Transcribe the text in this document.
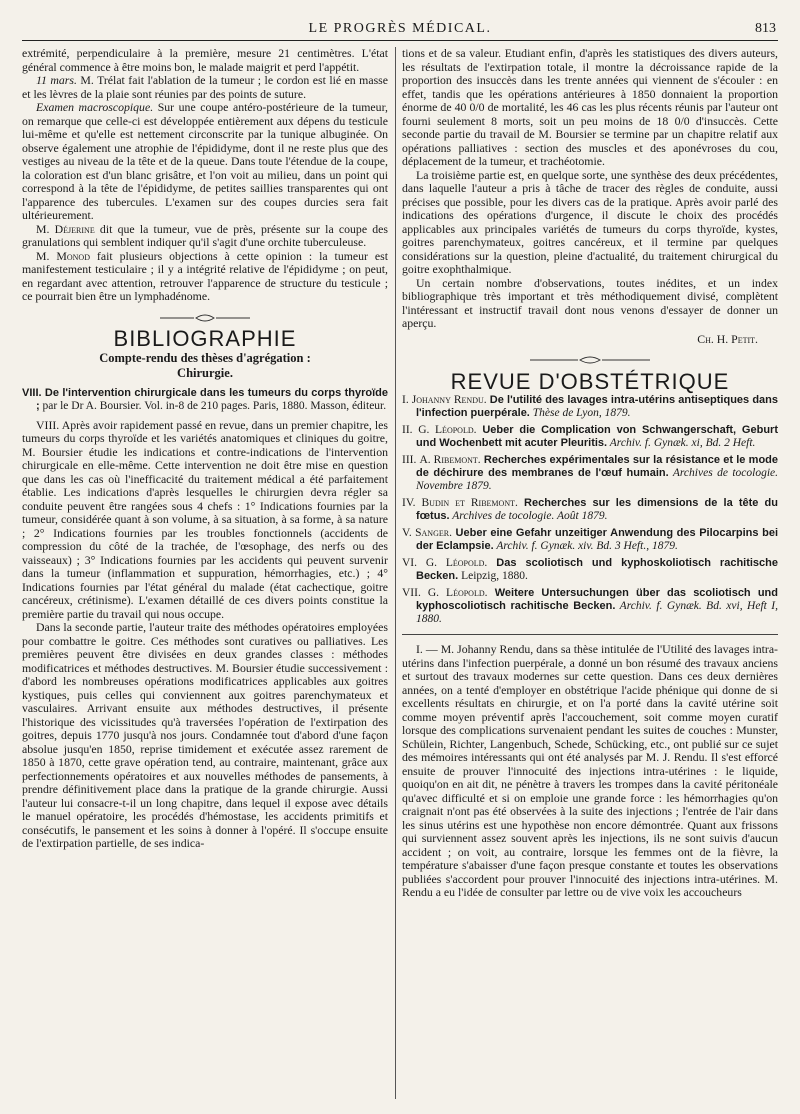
LE PROGRÈS MÉDICAL.	813

extrémité, perpendiculaire à la première, mesure 21 centimètres. L'état général commence à être moins bon, le malade maigrit et perd l'appétit.

11 mars. M. Trélat fait l'ablation de la tumeur ; le cordon est lié en masse et les lèvres de la plaie sont réunies par des points de suture.

Examen macroscopique. Sur une coupe antéro-postérieure de la tumeur, on remarque que celle-ci est développée entièrement aux dépens du testicule lui-même et qu'elle est nettement circonscrite par la tunique albuginée. On observe également une atrophie de l'épididyme, dont il ne reste plus que des vestiges au niveau de la tête et de la queue. Dans toute l'étendue de la coupe, la coloration est d'un blanc grisâtre, et l'on voit au milieu, dans un point qui correspond à la tête de l'épididyme, de petites saillies transparentes qui ont l'apparence des tubercules. L'examen sur des coupes durcies sera fait ultérieurement.

M. Déjerine dit que la tumeur, vue de près, présente sur la coupe des granulations qui semblent indiquer qu'il s'agit d'une orchite tuberculeuse.

M. Monod fait plusieurs objections à cette opinion : la tumeur est manifestement testiculaire ; il y a intégrité relative de l'épididyme ; on peut, en regardant avec attention, retrouver l'apparence de structure du testicule ; ce pourrait bien être un lymphadénome.

BIBLIOGRAPHIE
Compte-rendu des thèses d'agrégation :
Chirurgie.
VIII. De l'intervention chirurgicale dans les tumeurs du corps thyroïde ; par le Dr A. Boursier. Vol. in-8 de 210 pages. Paris, 1880. Masson, éditeur.

VIII. Après avoir rapidement passé en revue, dans un premier chapitre, les tumeurs du corps thyroïde et les variétés anatomiques et cliniques du goitre, M. Boursier étudie les indications et contre-indications de l'intervention chirurgicale en elle-même. Cette intervention ne doit être mise en question que dans les cas où l'inefficacité du traitement médical a été parfaitement établie. Les indications d'après lesquelles le chirurgien devra régler sa conduite peuvent être rangées sous 4 chefs : 1° Indications fournies par la tumeur, considérée quant à son volume, à sa situation, à sa forme, à sa nature ; 2° Indications fournies par les troubles fonctionnels (accidents de compression du côté de la trachée, de l'œsophage, des nerfs ou des vaisseaux) ; 3° Indications fournies par les accidents qui peuvent survenir dans la tumeur (inflammation et suppuration, hémorrhagies, etc.) ; 4° Indications fournies par l'état général du malade (état cachectique, goitre cancéreux, crétinisme). L'examen détaillé de ces divers points constitue la première partie du travail qui nous occupe.

Dans la seconde partie, l'auteur traite des méthodes opératoires employées pour combattre le goitre. Ces méthodes sont curatives ou palliatives. Les premières peuvent être divisées en deux grandes classes : méthodes modificatrices et méthodes destructives. M. Boursier étudie successivement : d'abord les nombreuses opérations modificatrices applicables aux goitres kystiques, puis celles qui conviennent aux goitres parenchymateux et vasculaires. Arrivant ensuite aux méthodes destructives, il présente l'historique des vicissitudes qu'à traversées l'opération de l'extirpation des goitres, depuis 1770 jusqu'à nos jours. Condamnée tout d'abord d'une façon absolue jusqu'en 1850, reprise timidement et exécutée assez rarement de 1850 à 1870, cette grave opération tend, au contraire, maintenant, grâce aux perfectionnements opératoires et aux nouvelles méthodes de pansements, à prendre définitivement place dans la pratique de la grande chirurgie. Aussi l'auteur lui consacre-t-il un long chapitre, dans lequel il expose avec détails le manuel opératoire, les procédés d'hémostase, les accidents primitifs et consécutifs, le pansement et les soins à donner à l'opéré. Il s'occupe ensuite de l'extirpation partielle, de ses indica-

tions et de sa valeur. Etudiant enfin, d'après les statistiques des divers auteurs, les résultats de l'extirpation totale, il montre la décroissance rapide de la proportion des insuccès dans les trente années qui viennent de s'écouler : en effet, tandis que les opérations antérieures à 1850 donnaient la proportion énorme de 40 0/0 de mortalité, les 46 cas les plus récents réunis par l'auteur ont fourni seulement 8 morts, soit un peu moins de 18 0/0 d'insuccès. Cette seconde partie du travail de M. Boursier se termine par un chapitre relatif aux opérations palliatives : section des muscles et des aponévroses du cou, déplacement de la tumeur, et trachéotomie.

La troisième partie est, en quelque sorte, une synthèse des deux précédentes, dans laquelle l'auteur a pris à tâche de tracer des règles de conduite, aussi précises que possible, pour les divers cas de la pratique. Après avoir parlé des indications des opérations d'urgence, il discute le choix des procédés applicables aux principales variétés de tumeurs du corps thyroïde, kystes, goitres parenchymateux, goitres cancéreux, et il termine par quelques considérations sur la question, pleine d'actualité, du traitement chirurgical du goitre exophthalmique.

Un certain nombre d'observations, toutes inédites, et un index bibliographique très important et très méthodiquement divisé, complètent l'intéressant et instructif travail dont nous venons d'essayer de donner un aperçu.

Ch. H. Petit.
REVUE D'OBSTÉTRIQUE
I. Johanny Rendu. De l'utilité des lavages intra-utérins antiseptiques dans l'infection puerpérale. Thèse de Lyon, 1879.
II. G. Léopold. Ueber die Complication von Schwangerschaft, Geburt und Wochenbett mit acuter Pleuritis. Archiv. f. Gynæk. xi, Bd. 2 Heft.
III. A. Ribemont. Recherches expérimentales sur la résistance et le mode de déchirure des membranes de l'œuf humain. Archives de tocologie. Novembre 1879.
IV. Budin et Ribemont. Recherches sur les dimensions de la tête du fœtus. Archives de tocologie. Août 1879.
V. Sanger. Ueber eine Gefahr unzeitiger Anwendung des Pilocarpins bei der Eclampsie. Archiv. f. Gynæk. xiv. Bd. 3 Heft., 1879.
VI. G. Léopold. Das scoliotisch und kyphoskoliotisch rachitische Becken. Leipzig, 1880.
VII. G. Léopold. Weitere Untersuchungen über das scoliotisch und kyphoscoliotisch rachitische Becken. Archiv. f. Gynæk. Bd. xvi, Heft I, 1880.

I. — M. Johanny Rendu, dans sa thèse intitulée de l'Utilité des lavages intra-utérins dans l'infection puerpérale, a donné un bon résumé des travaux anciens et surtout des travaux modernes sur cette question. Dans ces deux dernières années, on a tenté d'employer en obstétrique l'acide phénique qui donne de si excellents résultats en chirurgie, et on l'a porté dans la cavité utérine soit comme moyen préventif après l'accouchement, soit comme moyen curatif lorsque des complications survenaient pendant les suites de couches : Munster, Schülein, Richter, Langenbuch, Schede, Schücking, etc., ont publié sur ce sujet des mémoires intéressants qui ont été analysés par M. J. Rendu. Il s'est efforcé ensuite de prouver l'innocuité des injections intra-utérines : le liquide, quoiqu'on en ait dit, ne pénètre à travers les trompes dans la cavité péritonéale qu'avec difficulté et si on emploie une grande force : les hémorrhagies qu'on craignait n'ont pas été observées à la suite des injections ; l'entrée de l'air dans les sinus utérins est une hypothèse non encore démontrée. Quant aux frissons qui surviennent assez souvent après les injections, ils ne sont suivis d'aucun accident ; on voit, au contraire, lorsque les femmes ont de la fièvre, la température s'abaisser d'une façon presque constante et toutes les observations publiées s'accordent pour prouver l'innocuité des injections intra-utérines. M. Rendu a eu l'idée de consulter par lettre ou de vive voix les accoucheurs
